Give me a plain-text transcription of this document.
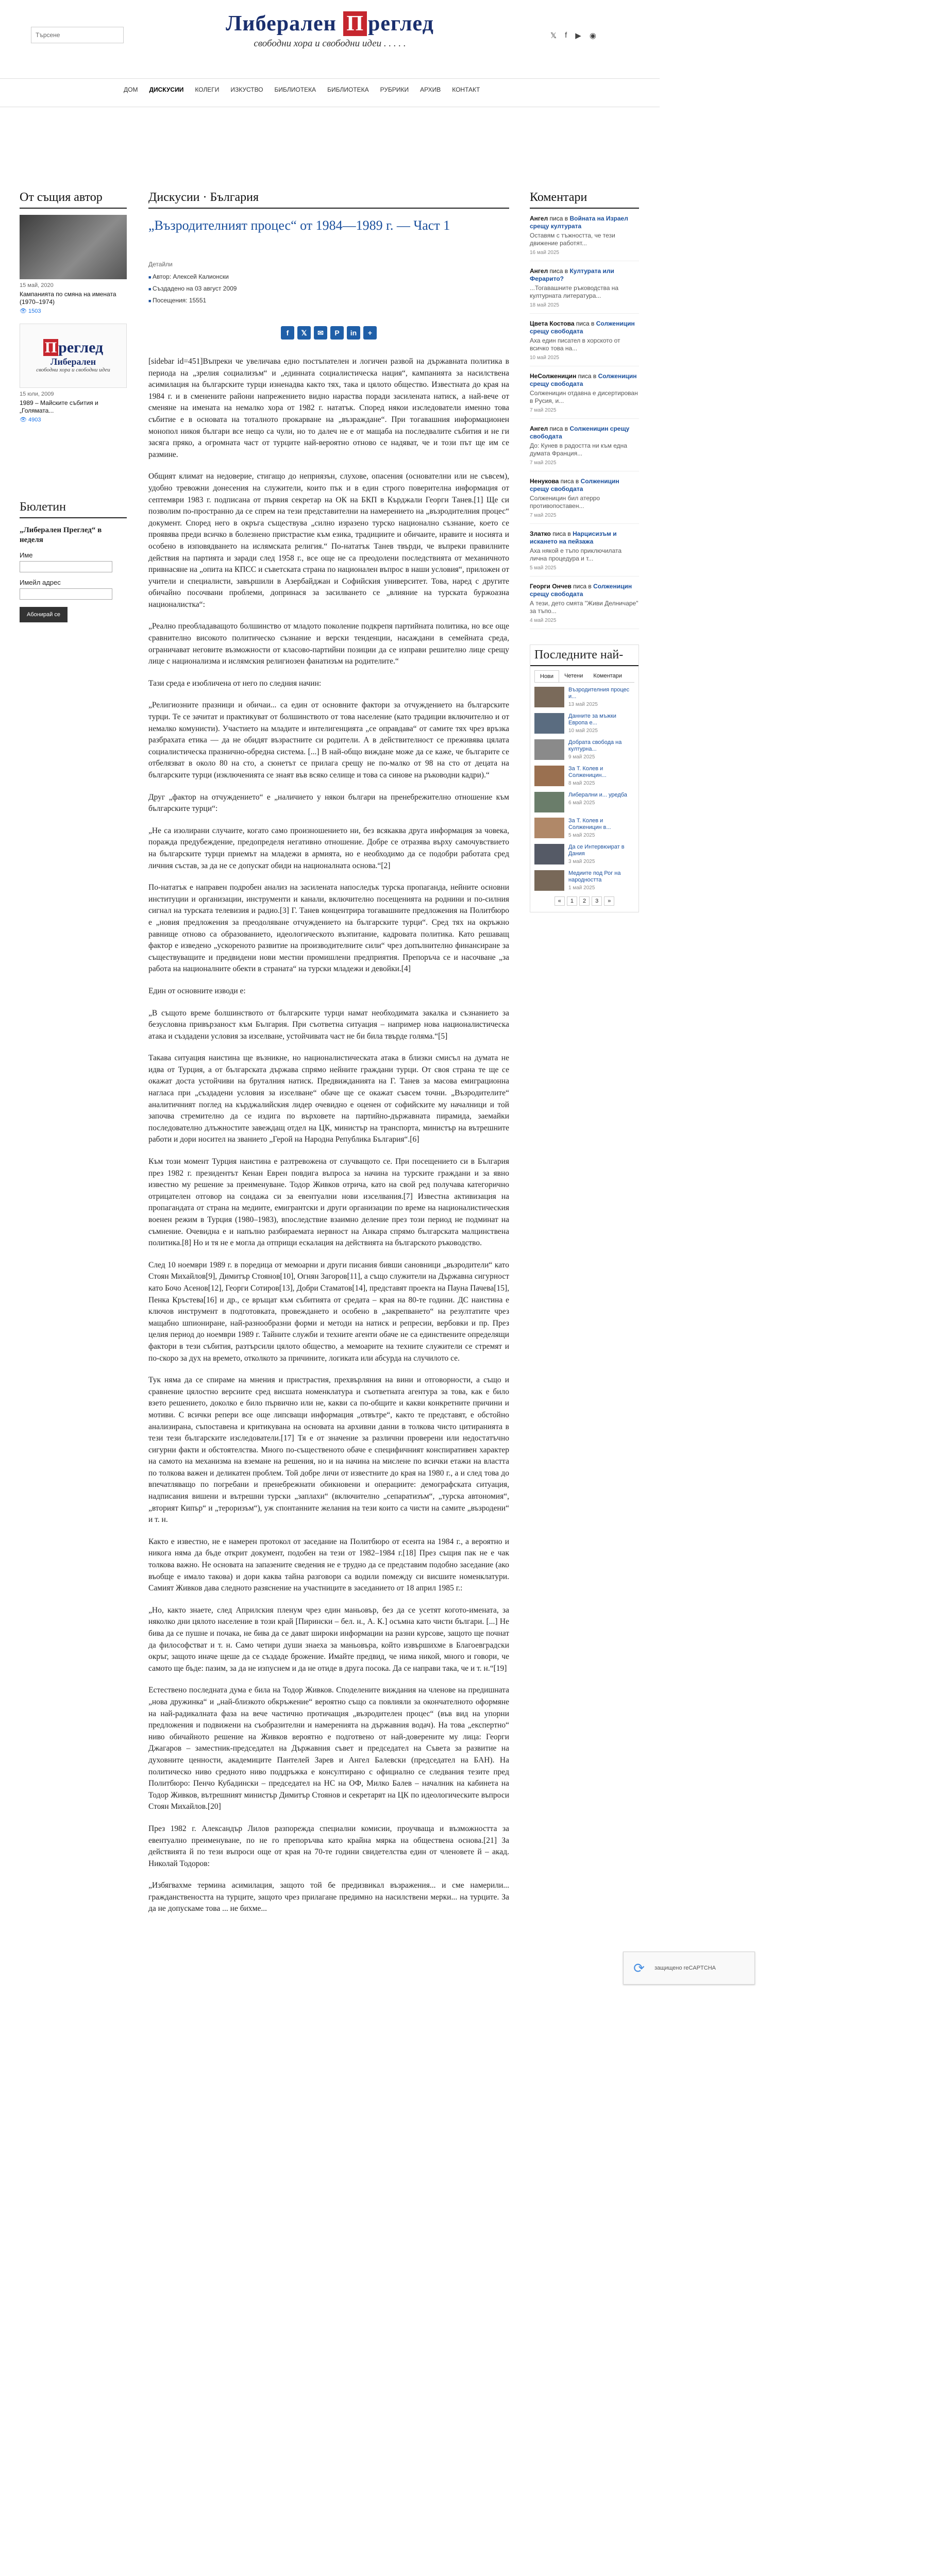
Търсене	Либерален П реглед
свободни хора и свободни идеи . . . . .
𝕏 f ▶ ◉
ДОМ ДИСКУСИИ КОЛЕГИ ИЗКУСТВО БИБЛИОТЕКА БИБЛИОТЕКА РУБРИКИ АРХИВ КОНТАКТ
От същия автор
15 май, 2020
Кампанията по смяна на имената (1970–1974)
👁 1503
П реглед
Либерален
свободни хора и свободни идеи
15 юли, 2009
1989 – Майските събития и „Голямата...
👁 4903
Бюлетин
„Либерален Преглед“ в неделя
Име
Имейл адрес
Абонирай се
Дискусии · България
„Възродителният процес“ от 1984—1989 г. — Част 1
Детайли
■ Автор: Алексей Калионски
■ Създадено на 03 август 2009
■ Посещения: 15551
f	𝕏	✉	P	in	+

[sidebar id=451]Въпреки че увеличава едно постъпателен и логичен развой на държавната политика в периода на „зрелия социализъм“ и „единната социалистическа нация“, кампанията за насилствена асимилация на българските турци изненадва както тях, така и цялото общество. Известната до края на 1984 г. и в сменените райони напрежението видно нараства поради засилената натиск, а най-вече от сменяне на имената на немалко хора от 1982 г. нататък. Според някои изследователи именно това събитие е в основата на тоталното прокарване на „възраждане“. При тогавашния информационен монопол никоя българи все нещо са чули, но то далеч не е от мащаба на последвалите събития и не ги засяга пряко, а огромната част от турците най-вероятно отново се надяват, че и този път ще им се размине.

Общият климат на недоверие, стигащо до неприязън, слухове, опасения (основателни или не съвсем), удобно тревожни донесения на служители, които пък и в един строго поверителна информация от септември 1983 г. подписана от първия секретар на ОК на БКП в Кърджали Георги Танев.[1] Ще си позволим по-пространно да се спрем на тези представителни на намерението на „възродителния процес“ документ. Според него в окръга съществува „силно изразено турско национално съзнание, което се проявява преди всичко в болезнено пристрастие към езика, традициите и обичаите, нравите и носията и особено в изповядването на ислямската религия.“ По-нататък Танев твърди, че въпреки правилните действия на партията и заради след 1958 г., все още не са преодолени последствията от механичното привнасяне на „опита на КПСС и съветската страна по национален въпрос в наши условия“, приложен от учители и специалисти, завършили в Азербайджан и Софийския университет. Това, наред с другите обичайно посочвани проблеми, допринася за засилването се „влияние на турската буржоазна националистка“:

„Реално преобладаващото болшинство от младото поколение подкрепя партийната политика, но все още сравнително високото политическо съзнание и верски тенденции, насаждани в семейната среда, ограничават неговите възможности от класово-партийни позиции да се изправи решително лице срещу лице с национализма и ислямския религиозен фанатизъм на родителите.“

Тази среда е изобличена от него по следния начин:

„Религиозните празници и обичаи... са един от основните фактори за отчуждението на българските турци. Те се зачитат и практикуват от болшинството от това население (като традиции включително и от немалко комунисти). Участието на младите и интелигенцията „се оправдава“ от самите тях чрез връзка разбрахата етика — да не обидят възрастните си родители. А в действителност се преживява цялата социалистическа празнично-обредна система. [...] В най-общо виждане може да се каже, че българите се отбелязват в около 80 на сто, а сюнетът се прилага срещу не по-малко от 98 на сто от децата на българските турци (изключенията се знаят във всяко селище и това са синове на ръководни кадри).“

Друг „фактор на отчуждението“ е „наличието у някои българи на пренебрежително отношение към българските турци“:

„Не са изолирани случаите, когато само произношението ни, без всякаква друга информация за човека, поражда предубеждение, предопределя негативно отношение. Добре се отразява върху самочувствието на българските турци приемът на младежи в армията, но е необходимо да се подобри работата сред личния състав, за да не се допускат обиди на националната основа.“[2]

По-нататък е направен подробен анализ на засилената напоследък турска пропаганда, нейните основни институции и организации, инструменти и канали, включително посещенията на роднини и по-силния сигнал на турската телевизия и радио.[3] Г. Танев концентрира тогавашните предложения на Политбюро е „новия предложения за преодоляване отчуждението на българските турци“. Сред тях на окръжно равнище отново са образованието, идеологическото възпитание, кадровата политика. Като решаващ фактор е изведено „ускореното развитие на производителните сили“ чрез допълнително финансиране за съществуващите и предвидени нови местни промишлени предприятия. Препоръча се и насочване „за работа на националните обекти в страната“ на турски младежи и девойки.[4]

Един от основните изводи е:

„В същото време болшинството от българските турци намат необходимата закалка и съзнанието за безусловна привързаност към България. При съответна ситуация – например нова националистическа атака и създадени условия за изселване, устойчивата част не би била твърде голяма.“[5]

Такава ситуация наистина ще възникне, но националистическата атака в близки смисъл на думата не идва от Турция, а от българската държава спрямо нейните граждани турци. От своя страна те ще се окажат доста устойчиви на бруталния натиск. Предвижданията на Г. Танев за масова емиграционна нагласа при „създадени условия за изселване“ обаче ще се окажат съвсем точни. „Възродителите“ аналитичният поглед на кърджалийския лидер очевидно е оценен от софийските му началници и той започва стремително да се издига по върховете на партийно-държавната пирамида, заемайки последователно длъжностите завеждащ отдел на ЦК, министър на транспорта, министър на вътрешните работи и дори носител на званието „Герой на Народна Република България“.[6]

Към този момент Турция наистина е разтревожена от случващото се. При посещението си в България през 1982 г. президентът Кенан Еврен повдига въпроса за начина на турските граждани и за явно известно му решение за преименуване. Тодор Живков отрича, като на свой ред получава категорично отрицателен отговор на сондажа си за евентуални нови изселвания.[7] Известна активизация на пропагандата от страна на медиите, емигрантски и други организации по време на националистическия военен режим в Турция (1980–1983), впоследствие взаимно деление през този период не подминат на съмнение. Очевидна е и напълно разбираемата нервност на Анкара спрямо българската малцинствена политика.[8] Но и тя не е могла да отприщи ескалация на действията на българското ръководство.

След 10 ноември 1989 г. в поредица от мемоарни и други писания бивши сановници „възродители“ като Стоян Михайлов[9], Димитър Стоянов[10], Огнян Загоров[11], а също служители на Държавна сигурност като Бочо Асенов[12], Георги Сотиров[13], Добри Стаматов[14], представят проекта на Пауна Пачева[15], Пенка Кръстева[16] и др., се връщат към събитията от средата – края на 80-те години. ДС наистина е ключов инструмент в подготовката, провеждането и особено в „закрепването“ на резултатите чрез мащабно шпиониране, най-разнообразни форми и методи на натиск и репресии, вербовки и пр. През целия период до ноември 1989 г. Тайните служби и техните агенти обаче не са единствените определящи фактори в тези събития, разтърсили цялото общество, а мемоарите на техните служители се стремят и по-скоро за дух на времето, отколкото за причините, логиката или абсурда на случилото се.

Тук няма да се спираме на мнения и пристрастия, прехвърляния на вини и отговорности, а също и сравнение цялостно версиите сред висшата номенклатура и съответната агентура за това, как е било взето решението, доколко е било първично или не, какви са по-общите и какви конкретните причини и мотиви. С всички репери все още липсващи информация „отвътре“, както те представят, е обстойно анализирана, съпоставена и критикувана на основата на архивни данни в толкова чисто цитиранията в тези тези българските изследователи.[17] Тя е от значение за различни проверени или недостатъчно сигурни факти и обстоятелства. Много по-същественото обаче е специфичният конспиративен характер на самото на механизма на вземане на решения, но и на начина на мислене по всички етажи на властта по толкова важен и деликатен проблем. Той добре личи от известните до края на 1980 г., а и след това до впечатляващо по погребани и пренебрежнати обикновени и операциите: демографската ситуация, надписания вишени и вътрешни турски „заплахи“ (включително „сепаратизъм“, „турска автономия“, „вторият Кипър“ и „тероризъм“), уж спонтанните желания на тези които са чисти на самите „възродени“ и т. н.

Както е известно, не е намерен протокол от заседание на Политбюро от есента на 1984 г., а вероятно и никога няма да бъде открит документ, подобен на тези от 1982–1984 г.[18] През същия пак не е чак толкова важно. Не основата на запазените сведения не е трудно да се представим подобно заседание (ако въобще е имало такова) и дори каква тайна разговори са водили помежду си висшите номенклатури. Самият Живков дава следното разяснение на участниците в заседанието от 18 април 1985 г.:

„Но, както знаете, след Априлския пленум чрез един маньовър, без да се усетят когото-имената, за няколко дни цялото население в този край [Пирински – бел. н., А. К.] осъмна като чисти българи. [...] Не бива да се пушне и почака, не бива да се дават широки информации на разни курсове, защото ще почнат да философстват и т. н. Само четири души знаеха за маньовъра, който извършихме в Благоевградски окръг, защото иначе щеше да се създаде брожение. Имайте предвид, че нима никой, много и говори, че самото ще бъде: пазим, за да не изпуснем и да не отиде в друга посока. Да се направи така, че и т. н.“[19]

Естествено последната дума е била на Тодор Живков. Сподeлените виждания на членове на предишната „нова дружинка“ и „най-близкото обкръжение“ вероятно също са повлияли за окончателното оформяне на най-радикалната фаза на вече частично протичащия „възродителен процес“ (във вид на упорни предложения и подвижени на съобразителни и намеренията на държавния водач). На това „експертно“ ниво обичайнoто решение на Живков вероятно е подготвено от най-доверените му лица: Георги Джагаров – заместник-председател на Държавния съвет и председател на Съвета за развитие на духовните ценности, академиците Пантелей Зарев и Ангел Балевски (председател на БАН). На политическо ниво средното ниво поддръжка е консултирано с официално се следвания тезите пред Политбюро: Пенчо Кубадински – председател на НС на ОФ, Милко Балев – началник на кабинета на Тодор Живков, вътрешният министър Димитър Стоянов и секретарят на ЦК по идеологическите въпроси Стоян Михайлов.[20]

През 1982 г. Александър Лилов разпорежда специални комисии, проучваща и възможността за евентуално преименуване, по не го препоръчва като крайна мярка на обществена основа.[21] За действията й по тези въпроси още от края на 70-те години свидетелства един от членовете й – акад. Николай Тодоров:

„Избягвахме термина асимилация, защото той бе предизвикал възражения... и сме намерили... гражданствеността на турците, защото чрез прилагане предимно на насилствени мерки... на турците. За да не допускаме това ... не бихме...

Коментари
Ангел писа в Войната на Израел срещу културата
Оставям с тъжността, че тези движение работят...
16 май 2025
Ангел писа в Културата или Ферарито?
...Тогавашните ръководства на културната литература...
18 май 2025
Цвета Костова писа в Солженицин срещу свободата
Аха един писател в хорското от всичко това на...
10 май 2025
НеСолженицин писа в Солженицин срещу свободата
Солженицин отдавна е дисертирован в Русия, и...
7 май 2025
Ангел писа в Солженицин срещу свободата
До: Кунев в радостта ни към една думата Франция...
7 май 2025
Ненукова писа в Солженицин срещу свободата
Солженицин бил атерро противопоставен...
7 май 2025
Златко писа в Нарцисизъм и искането на пейзажа
Аха някой е тъпо приключилата лична процедура и т...
5 май 2025
Георги Ончев писа в Солженицин срещу свободата
А тези, дето смята "Живи Делничаре" за тъпо...
4 май 2025
Последните най-
Нови	Четени	Коментари
Възродителния процес и...
13 май 2025
Данните за мъжки Европа е...
10 май 2025
Добрата свобода на културна...
9 май 2025
За Т. Колев и Солженицин...
8 май 2025
Либерални и... уредба
6 май 2025
За Т. Колев и Солженицин в...
5 май 2025
Да се Интервюират в Дания
3 май 2025
Медиите под Рог на народността
1 май 2025
«	1	2	3	»
⟳	защищено reCAPTCHA
